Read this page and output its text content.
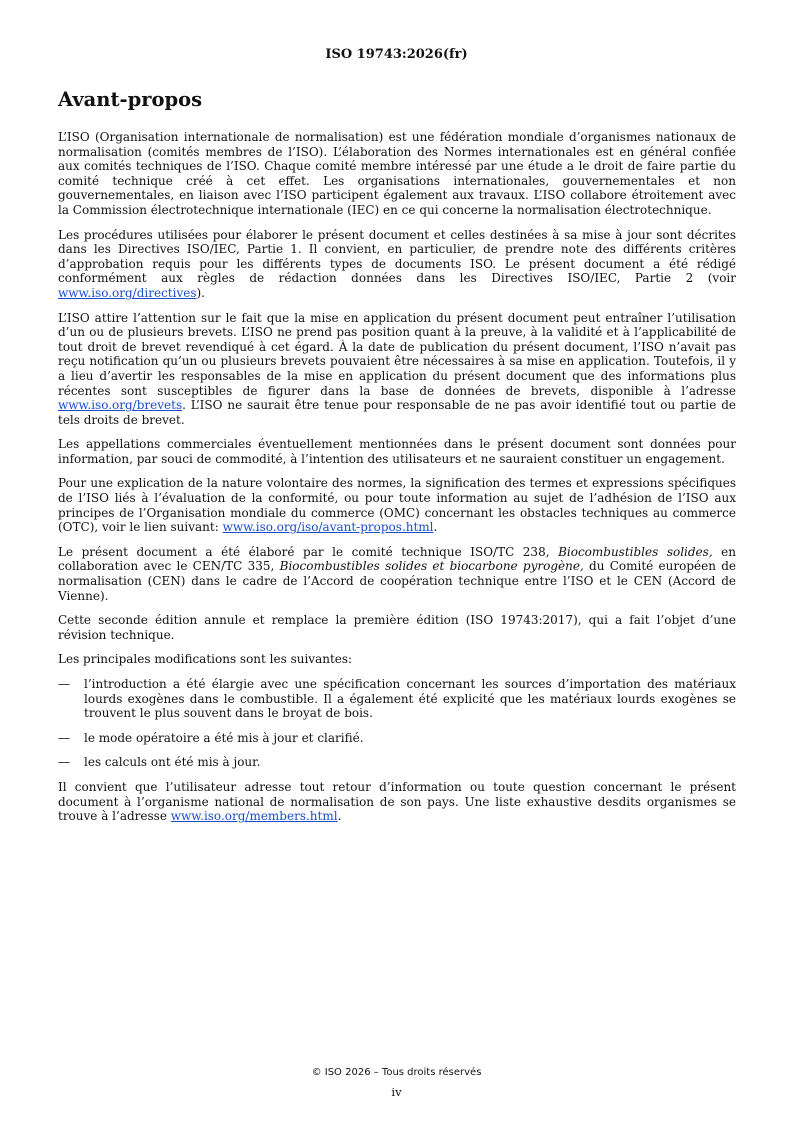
ISO 19743:2026(fr)
Avant-propos

L’ISO (Organisation internationale de normalisation) est une fédération mondiale d’organismes nationaux de normalisation (comités membres de l’ISO). L’élaboration des Normes internationales est en général confiée aux comités techniques de l’ISO. Chaque comité membre intéressé par une étude a le droit de faire partie du comité technique créé à cet effet. Les organisations internationales, gouvernementales et non gouvernementales, en liaison avec l’ISO participent également aux travaux. L’ISO collabore étroitement avec la Commission électrotechnique internationale (IEC) en ce qui concerne la normalisation électrotechnique.

Les procédures utilisées pour élaborer le présent document et celles destinées à sa mise à jour sont décrites dans les Directives ISO/IEC, Partie 1. Il convient, en particulier, de prendre note des différents critères d’approbation requis pour les différents types de documents ISO. Le présent document a été rédigé conformément aux règles de rédaction données dans les Directives ISO/IEC, Partie 2 (voir www.iso.org/directives).

L’ISO attire l’attention sur le fait que la mise en application du présent document peut entraîner l’utilisation d’un ou de plusieurs brevets. L’ISO ne prend pas position quant à la preuve, à la validité et à l’applicabilité de tout droit de brevet revendiqué à cet égard. À la date de publication du présent document, l’ISO n’avait pas reçu notification qu’un ou plusieurs brevets pouvaient être nécessaires à sa mise en application. Toutefois, il y a lieu d’avertir les responsables de la mise en application du présent document que des informations plus récentes sont susceptibles de figurer dans la base de données de brevets, disponible à l’adresse www.iso.org/brevets. L’ISO ne saurait être tenue pour responsable de ne pas avoir identifié tout ou partie de tels droits de brevet.

Les appellations commerciales éventuellement mentionnées dans le présent document sont données pour information, par souci de commodité, à l’intention des utilisateurs et ne sauraient constituer un engagement.

Pour une explication de la nature volontaire des normes, la signification des termes et expressions spécifiques de l’ISO liés à l’évaluation de la conformité, ou pour toute information au sujet de l’adhésion de l’ISO aux principes de l’Organisation mondiale du commerce (OMC) concernant les obstacles techniques au commerce (OTC), voir le lien suivant: www.iso.org/iso/avant-propos.html.

Le présent document a été élaboré par le comité technique ISO/TC 238, Biocombustibles solides, en collaboration avec le CEN/TC 335, Biocombustibles solides et biocarbone pyrogène, du Comité européen de normalisation (CEN) dans le cadre de l’Accord de coopération technique entre l’ISO et le CEN (Accord de Vienne).

Cette seconde édition annule et remplace la première édition (ISO 19743:2017), qui a fait l’objet d’une révision technique.

Les principales modifications sont les suivantes:

— l’introduction a été élargie avec une spécification concernant les sources d’importation des matériaux lourds exogènes dans le combustible. Il a également été explicité que les matériaux lourds exogènes se trouvent le plus souvent dans le broyat de bois.
— le mode opératoire a été mis à jour et clarifié.
— les calculs ont été mis à jour.

Il convient que l’utilisateur adresse tout retour d’information ou toute question concernant le présent document à l’organisme national de normalisation de son pays. Une liste exhaustive desdits organismes se trouve à l’adresse www.iso.org/members.html.

© ISO 2026 – Tous droits réservés
iv
